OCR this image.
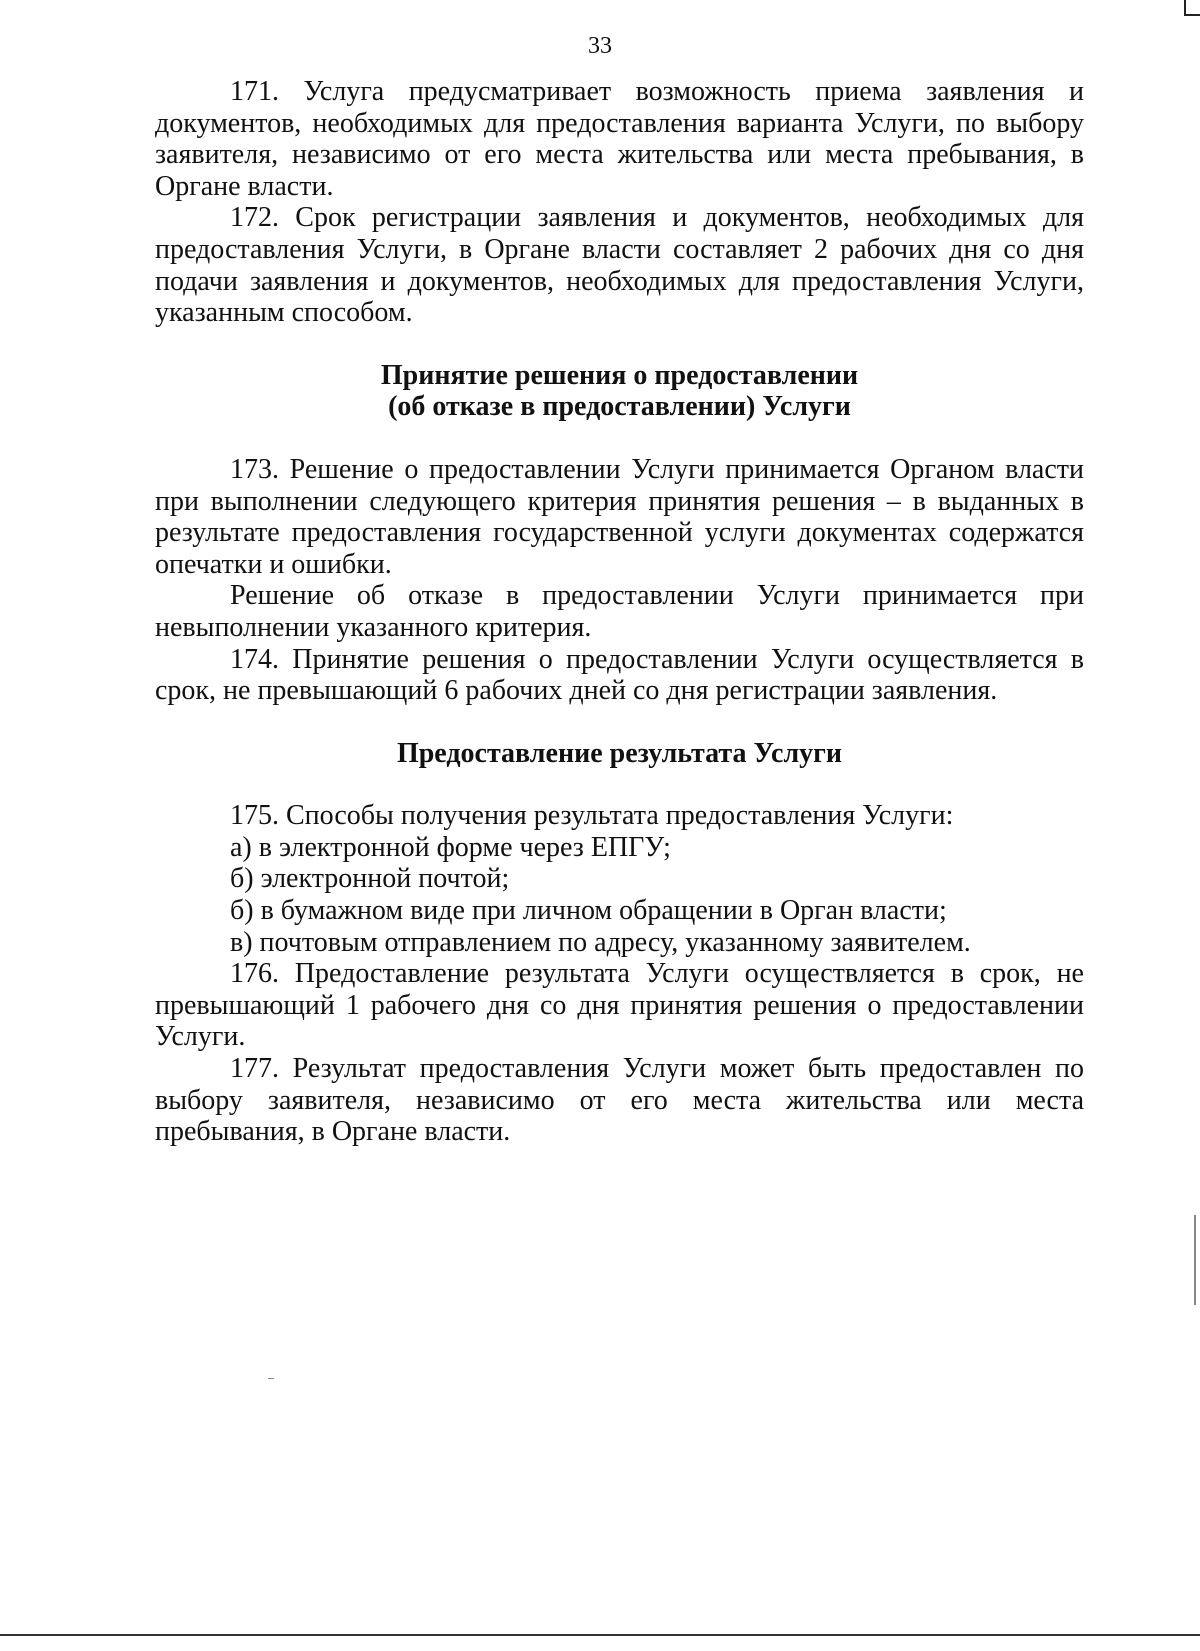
33

171. Услуга предусматривает возможность приема заявления и документов, необходимых для предоставления варианта Услуги, по выбору заявителя, независимо от его места жительства или места пребывания, в Органе власти.

172. Срок регистрации заявления и документов, необходимых для предоставления Услуги, в Органе власти составляет 2 рабочих дня со дня подачи заявления и документов, необходимых для предоставления Услуги, указанным способом.

Принятие решения о предоставлении
(об отказе в предоставлении) Услуги

173. Решение о предоставлении Услуги принимается Органом власти при выполнении следующего критерия принятия решения – в выданных в результате предоставления государственной услуги документах содержатся опечатки и ошибки.

Решение об отказе в предоставлении Услуги принимается при невыполнении указанного критерия.

174. Принятие решения о предоставлении Услуги осуществляется в срок, не превышающий 6 рабочих дней со дня регистрации заявления.

Предоставление результата Услуги

175. Способы получения результата предоставления Услуги:

а) в электронной форме через ЕПГУ;

б) электронной почтой;

б) в бумажном виде при личном обращении в Орган власти;

в) почтовым отправлением по адресу, указанному заявителем.

176. Предоставление результата Услуги осуществляется в срок, не превышающий 1 рабочего дня со дня принятия решения о предоставлении Услуги.

177. Результат предоставления Услуги может быть предоставлен по выбору заявителя, независимо от его места жительства или места пребывания, в Органе власти.
